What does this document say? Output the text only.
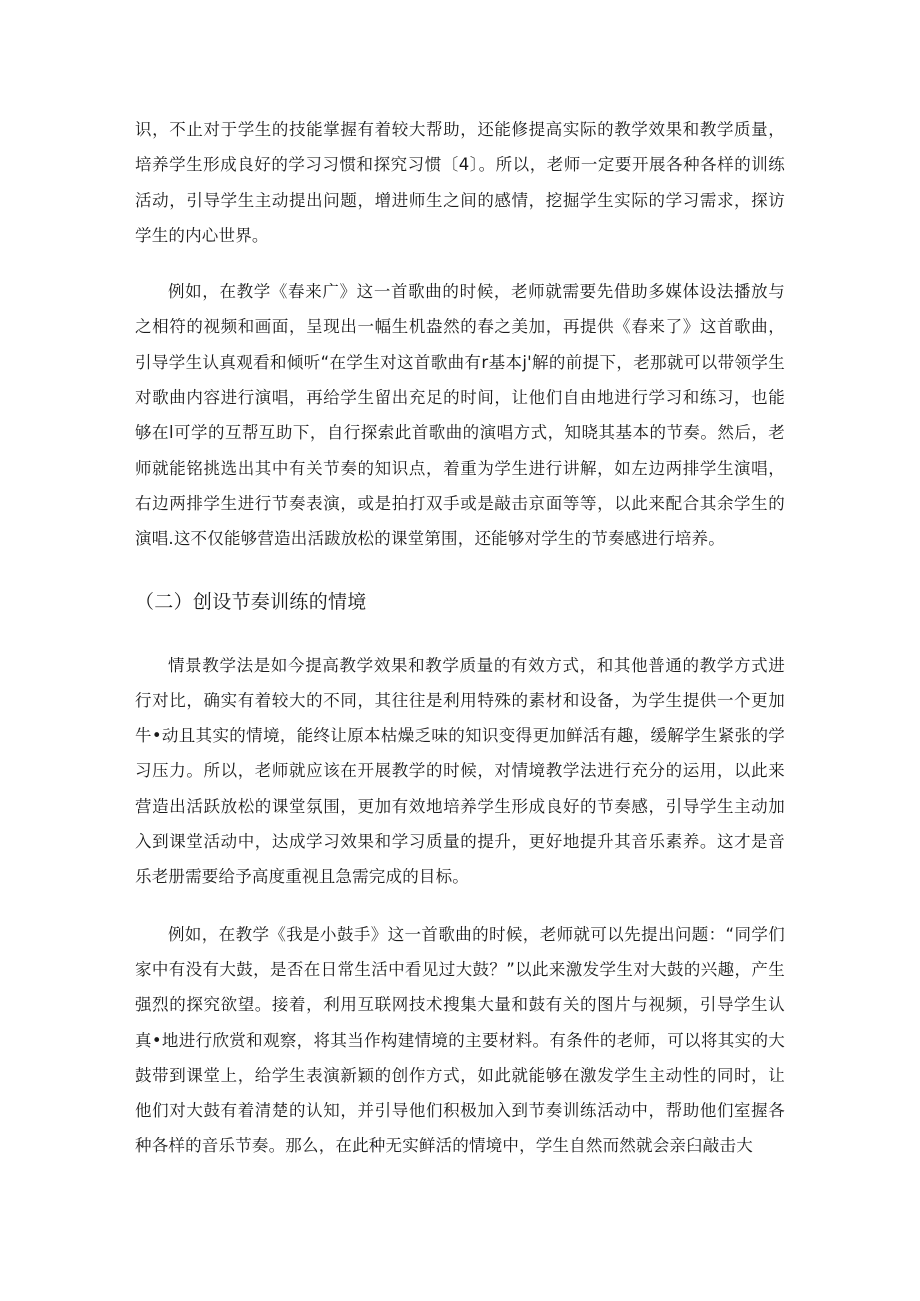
识，不止对于学生的技能掌握有着较大帮助，还能修提高实际的教学效果和教学质量，培养学生形成良好的学习习惯和探究习惯〔4〕。所以，老师一定要开展各种各样的训练活动，引导学生主动提出问题，增进师生之间的感情，挖掘学生实际的学习需求，探访学生的内心世界。

例如，在教学《春来广》这一首歌曲的时候，老师就需要先借助多媒体设法播放与之相符的视频和画面，呈现出一幅生机盎然的春之美加，再提供《春来了》这首歌曲，引导学生认真观看和倾听“在学生对这首歌曲有r基本j'解的前提下，老那就可以带领学生对歌曲内容进行演唱，再给学生留出充足的时间，让他们自由地进行学习和练习，也能够在l可学的互帮互助下，自行探索此首歌曲的演唱方式，知晓其基本的节奏。然后，老师就能铭挑选出其中有关节奏的知识点，着重为学生进行讲解，如左边两排学生演唱，右边两排学生进行节奏表演，或是拍打双手或是敲击京面等等，以此来配合其余学生的演唱.这不仅能够营造出活跋放松的课堂第围，还能够对学生的节奏感进行培养。

（二）创设节奏训练的情境

情景教学法是如今提高教学效果和教学质量的有效方式，和其他普通的教学方式进行对比，确实有着较大的不同，其往往是利用特殊的素材和设备，为学生提供一个更加牛•动且其实的情境，能终让原本枯燥乏味的知识变得更加鲜活有趣，缓解学生紧张的学习压力。所以，老师就应该在开展教学的时候，对情境教学法进行充分的运用，以此来营造出活跃放松的课堂氛围，更加有效地培养学生形成良好的节奏感，引导学生主动加入到课堂活动中，达成学习效果和学习质量的提升，更好地提升其音乐素养。这才是音乐老册需要给予高度重视且急需完成的目标。

例如，在教学《我是小鼓手》这一首歌曲的时候，老师就可以先提出问题：“同学们家中有没有大鼓，是否在日常生活中看见过大鼓？”以此来激发学生对大鼓的兴趣，产生强烈的探究欲望。接着，利用互联网技术搜集大量和鼓有关的图片与视频，引导学生认真•地进行欣赏和观察，将其当作构建情境的主要材料。有条件的老师，可以将其实的大鼓带到课堂上，给学生表演新颖的创作方式，如此就能够在激发学生主动性的同时，让他们对大鼓有着清楚的认知，并引导他们积极加入到节奏训练活动中，帮助他们室握各种各样的音乐节奏。那么，在此种无实鲜活的情境中，学生自然而然就会亲臼敲击大
